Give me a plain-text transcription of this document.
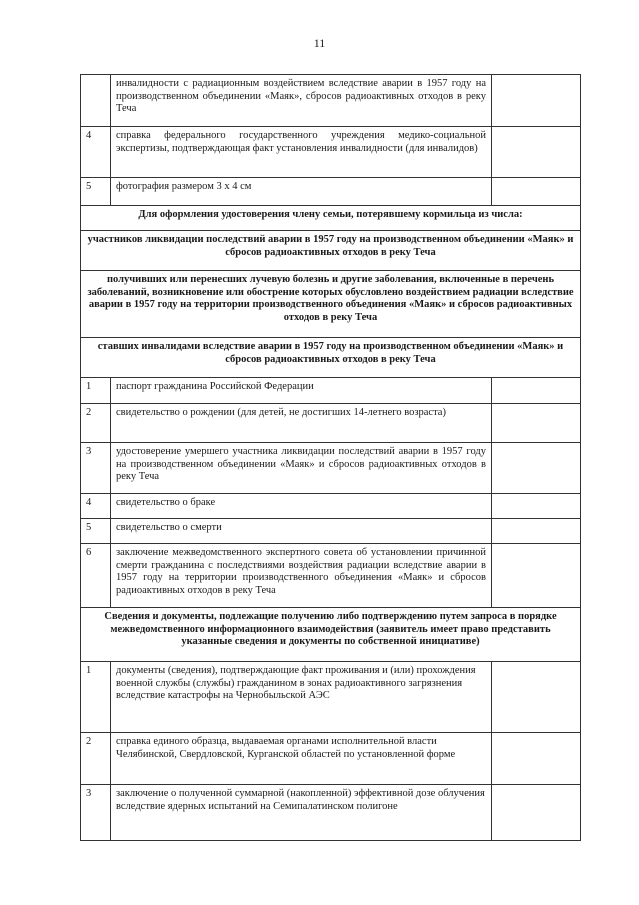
11
	инвалидности с радиационным воздействием вследствие аварии в 1957 году на производственном объединении «Маяк», сбросов радиоактивных отходов в реку Теча	
4	справка федерального государственного учреждения медико-социальной экспертизы, подтверждающая факт установления инвалидности (для инвалидов)	
5	фотография размером 3 x 4 см	
Для оформления удостоверения члену семьи, потерявшему кормильца из числа:		
участников ликвидации последствий аварии в 1957 году на производственном объединении «Маяк» и сбросов радиоактивных отходов в реку Теча		
получивших или перенесших лучевую болезнь и другие заболевания, включенные в перечень заболеваний, возникновение или обострение которых обусловлено воздействием радиации вследствие аварии в 1957 году на территории производственного объединения «Маяк» и сбросов радиоактивных отходов в реку Теча		
ставших инвалидами вследствие аварии в 1957 году на производственном объединении «Маяк» и сбросов радиоактивных отходов в реку Теча		
1	паспорт гражданина Российской Федерации	
2	свидетельство о рождении (для детей, не достигших 14-летнего возраста)	
3	удостоверение умершего участника ликвидации последствий аварии в 1957 году на производственном объединении «Маяк» и сбросов радиоактивных отходов в реку Теча	
4	свидетельство о браке	
5	свидетельство о смерти	
6	заключение межведомственного экспертного совета об установлении причинной смерти гражданина с последствиями воздействия радиации вследствие аварии в 1957 году на территории производственного объединения «Маяк» и сбросов радиоактивных отходов в реку Теча	
Сведения и документы, подлежащие получению либо подтверждению путем запроса в порядке межведомственного информационного взаимодействия (заявитель имеет право представить указанные сведения и документы по собственной инициативе)		
1	документы (сведения), подтверждающие факт проживания и (или) прохождения военной службы (службы) гражданином в зонах радиоактивного загрязнения вследствие катастрофы на Чернобыльской АЭС	
2	справка единого образца, выдаваемая органами исполнительной власти Челябинской, Свердловской, Курганской областей по установленной форме	
3	заключение о полученной суммарной (накопленной) эффективной дозе облучения вследствие ядерных испытаний на Семипалатинском полигоне	
